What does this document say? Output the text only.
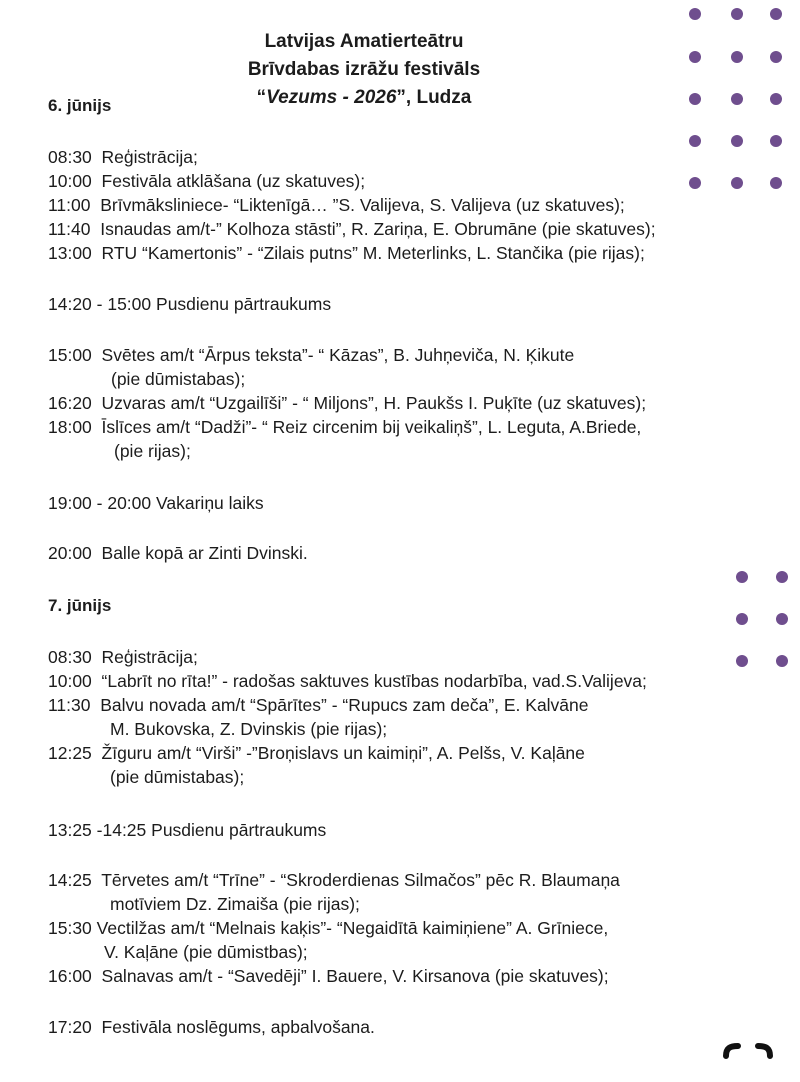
Latvijas Amatierteātru
Brīvdabas izrāžu festivāls
“Vezums - 2026”, Ludza
6. jūnijs
08:30 Reģistrācija;
10:00 Festivāla atklāšana (uz skatuves);
11:00 Brīvmāksliniece- “Liktenīgā… ”S. Valijeva, S. Valijeva (uz skatuves);
11:40 Isnaudas am/t-” Kolhoza stāsti”, R. Zariņa, E. Obrumāne (pie skatuves);
13:00 RTU “Kamertonis” - “Zilais putns” M. Meterlinks, L. Stančika (pie rijas);
14:20 - 15:00 Pusdienu pārtraukums
15:00 Svētes am/t “Ārpus teksta”- “ Kāzas”, B. Juhņeviča, N. Ķikute
(pie dūmistabas);
16:20 Uzvaras am/t “Uzgailīši” - “ Miljons”, H. Paukšs I. Puķīte (uz skatuves);
18:00 Īslīces am/t “Dadži”- “ Reiz circenim bij veikaliņš”, L. Leguta, A.Briede,
(pie rijas);
19:00 - 20:00 Vakariņu laiks
20:00 Balle kopā ar Zinti Dvinski.
7. jūnijs
08:30 Reģistrācija;
10:00 “Labrīt no rīta!” - radošas saktuves kustības nodarbība, vad.S.Valijeva;
11:30 Balvu novada am/t “Spārītes” - “Rupucs zam deča”, E. Kalvāne
M. Bukovska, Z. Dvinskis (pie rijas);
12:25 Žīguru am/t “Virši” -”Broņislavs un kaimiņi”, A. Pelšs, V. Kaļāne
(pie dūmistabas);
13:25 -14:25 Pusdienu pārtraukums
14:25 Tērvetes am/t “Trīne” - “Skroderdienas Silmačos” pēc R. Blaumaņa
motīviem Dz. Zimaiša (pie rijas);
15:30 Vectilžas am/t “Melnais kaķis”- “Negaidītā kaimiņiene” A. Grīniece,
V. Kaļāne (pie dūmistbas);
16:00 Salnavas am/t - “Savedēji” I. Bauere, V. Kirsanova (pie skatuves);
17:20 Festivāla noslēgums, apbalvošana.
